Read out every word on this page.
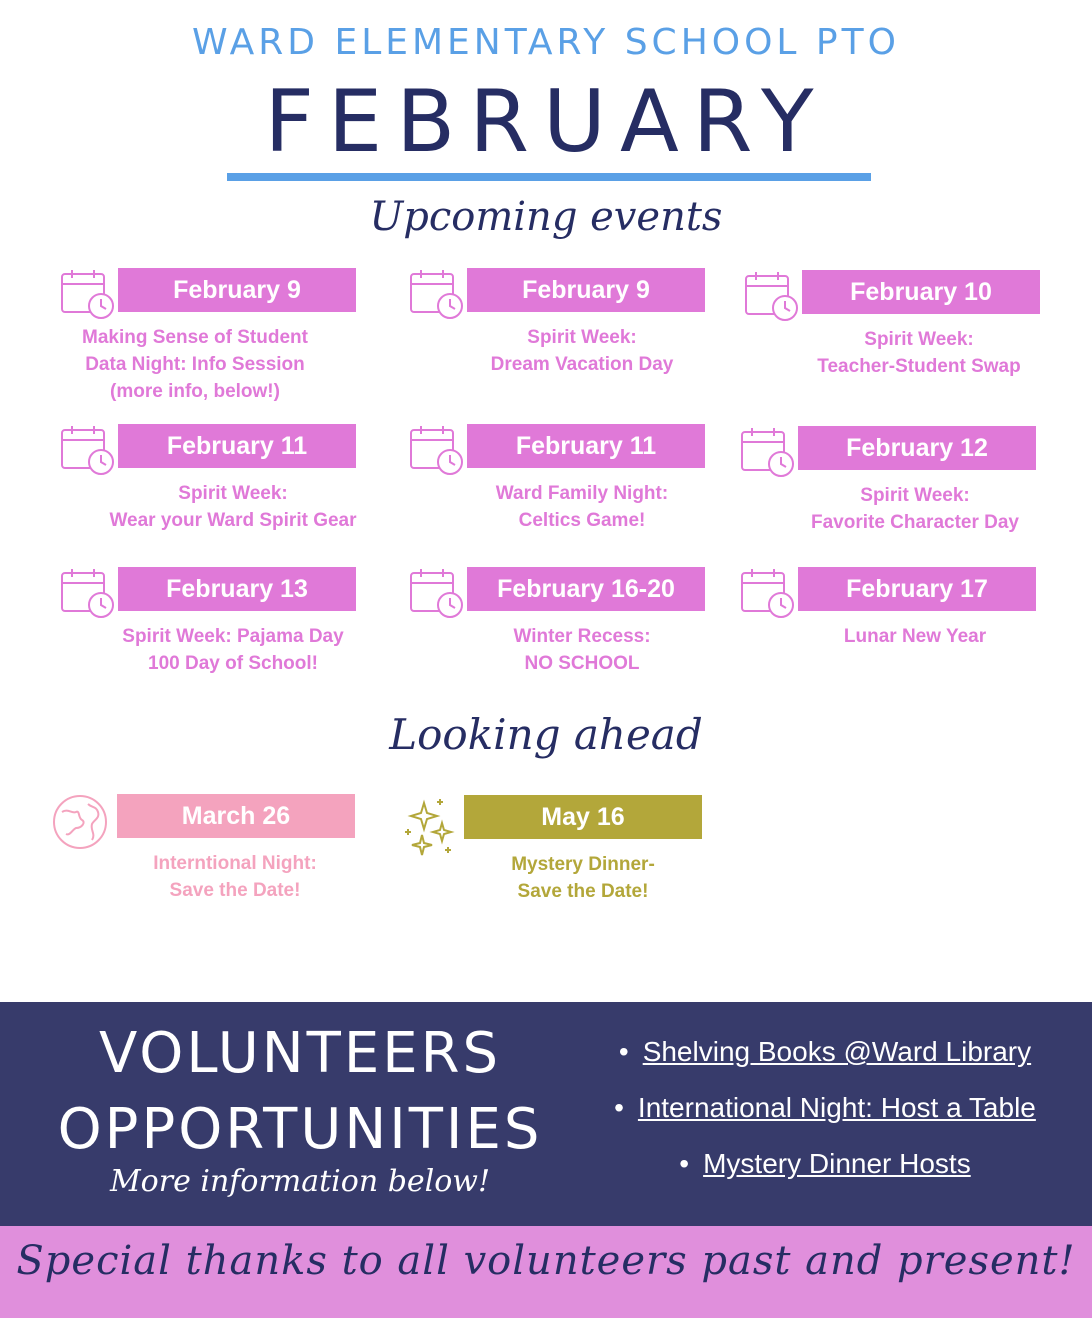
WARD ELEMENTARY SCHOOL PTO
FEBRUARY
Upcoming events
February 9
Making Sense of Student
Data Night: Info Session
(more info, below!)
February 9
Spirit Week:
Dream Vacation Day
February 10
Spirit Week:
Teacher-Student Swap
February 11
Spirit Week:
Wear your Ward Spirit Gear
February 11
Ward Family Night:
Celtics Game!
February 12
Spirit Week:
Favorite Character Day
February 13
Spirit Week: Pajama Day
100 Day of School!
February 16-20
Winter Recess:
NO SCHOOL
February 17
Lunar New Year
Looking ahead
March 26
Interntional Night:
Save the Date!
May 16
Mystery Dinner-
Save the Date!
VOLUNTEERS
OPPORTUNITIES
More information below!
• Shelving Books @Ward Library
• International Night: Host a Table
• Mystery Dinner Hosts
Special thanks to all volunteers past and present!
